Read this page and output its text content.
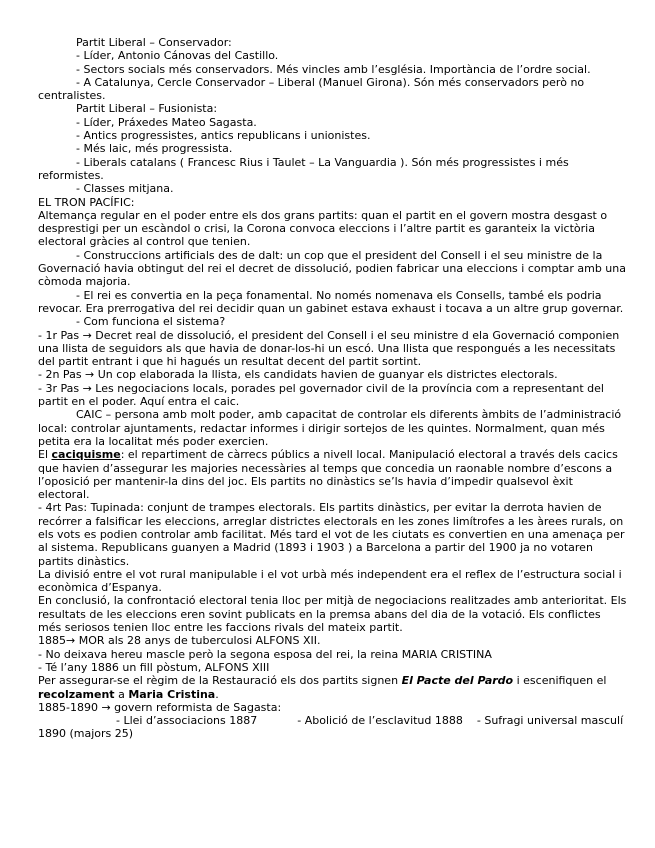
Partit Liberal – Conservador:

- Líder, Antonio Cánovas del Castillo.

- Sectors socials més conservadors. Més vincles amb l’església. Importància de l’ordre social.

- A Catalunya, Cercle Conservador – Liberal (Manuel Girona). Són més conservadors però no centralistes.

Partit Liberal – Fusionista:

- Líder, Práxedes Mateo Sagasta.

- Antics progressistes, antics republicans i unionistes.

- Més laic, més progressista.

- Liberals catalans ( Francesc Rius i Taulet – La Vanguardia ). Són més progressistes i més reformistes.

- Classes mitjana.

EL TRON PACÍFIC:

Altemança regular en el poder entre els dos grans partits: quan el partit en el govern mostra desgast o desprestigi per un escàndol o crisi, la Corona convoca eleccions i l’altre partit es garanteix la victòria electoral gràcies al control que tenien.

- Construccions artificials des de dalt: un cop que el president del Consell i el seu ministre de la Governació havia obtingut del rei el decret de dissolució, podien fabricar una eleccions i comptar amb una còmoda majoria.

- El rei es convertia en la peça fonamental. No només nomenava els Consells, també els podria revocar. Era prerrogativa del rei decidir quan un gabinet estava exhaust i tocava a un altre grup governar.

- Com funciona el sistema?

- 1r Pas → Decret real de dissolució, el president del Consell i el seu ministre d ela Governació componien una llista de seguidors als que havia de donar-los-hi un escó. Una llista que respongués a les necessitats del partit entrant i que hi hagués un resultat decent del partit sortint.

- 2n Pas → Un cop elaborada la llista, els candidats havien de guanyar els districtes electorals.

- 3r Pas → Les negociacions locals, porades pel governador civil de la província com a representant del partit en el poder. Aquí entra el caic.

CAIC – persona amb molt poder, amb capacitat de controlar els diferents àmbits de l’administració local: controlar ajuntaments, redactar informes i dirigir sortejos de les quintes. Normalment, quan més petita era la localitat més poder exercien.

El caciquisme: el repartiment de càrrecs públics a nivell local. Manipulació electoral a través dels cacics que havien d’assegurar les majories necessàries al temps que concedia un raonable nombre d’escons a l’oposició per mantenir-la dins del joc. Els partits no dinàstics se’ls havia d’impedir qualsevol èxit electoral.

- 4rt Pas: Tupinada: conjunt de trampes electorals. Els partits dinàstics, per evitar la derrota havien de recórrer a falsificar les eleccions, arreglar districtes electorals en les zones limítrofes a les àrees rurals, on els vots es podien controlar amb facilitat. Més tard el vot de les ciutats es convertien en una amenaça per al sistema. Republicans guanyen a Madrid (1893 i 1903 ) a Barcelona a partir del 1900 ja no votaren partits dinàstics.

La divisió entre el vot rural manipulable i el vot urbà més independent era el reflex de l’estructura social i econòmica d’Espanya.

En conclusió, la confrontació electoral tenia lloc per mitjà de negociacions realitzades amb anterioritat. Els resultats de les eleccions eren sovint publicats en la premsa abans del dia de la votació. Els conflictes més seriosos tenien lloc entre les faccions rivals del mateix partit.

1885→ MOR als 28 anys de tuberculosi ALFONS XII.

- No deixava hereu mascle però la segona esposa del rei, la reina MARIA CRISTINA

- Té l’any 1886 un fill pòstum, ALFONS XIII

Per assegurar-se el règim de la Restauració els dos partits signen El Pacte del Pardo i escenifiquen el recolzament a Maria Cristina.

1885-1890 → govern reformista de Sagasta:

- Llei d’associacions 1887	- Abolició de l’esclavitud 1888 - Sufragi universal masculí 1890 (majors 25)
